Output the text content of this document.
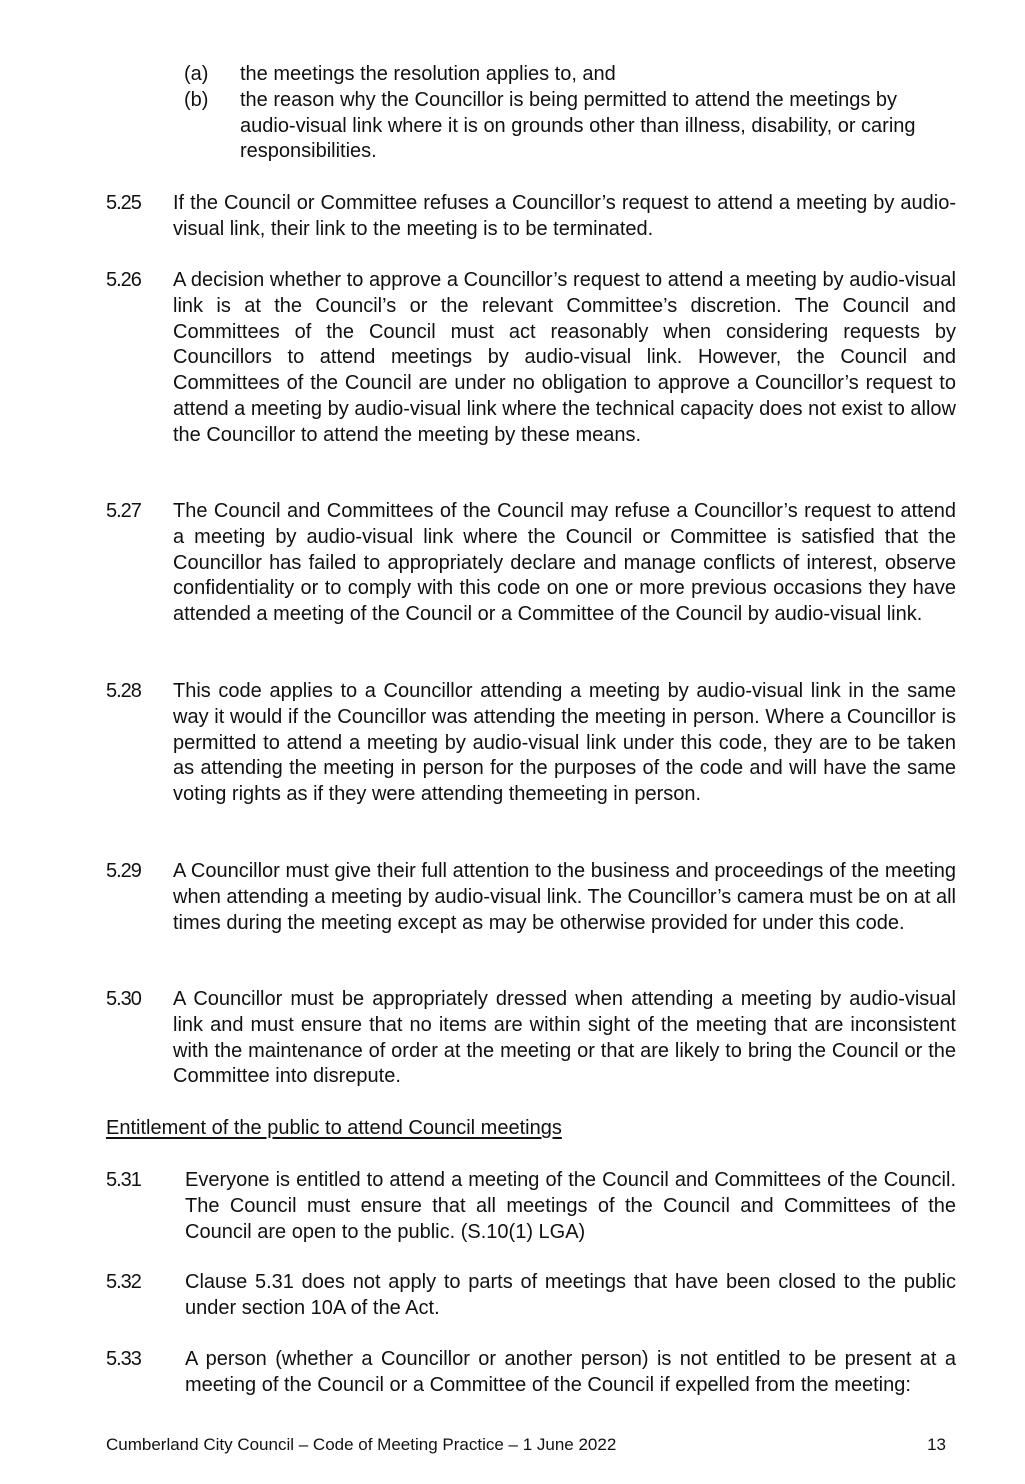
(a)	the meetings the resolution applies to, and
(b)	the reason why the Councillor is being permitted to attend the meetings by audio-visual link where it is on grounds other than illness, disability, or caring responsibilities.
5.25	If the Council or Committee refuses a Councillor’s request to attend a meeting by audio-visual link, their link to the meeting is to be terminated.
5.26	A decision whether to approve a Councillor’s request to attend a meeting by audio-visual link is at the Council’s or the relevant Committee’s discretion. The Council and Committees of the Council must act reasonably when considering requests by Councillors to attend meetings by audio-visual link. However, the Council and Committees of the Council are under no obligation to approve a Councillor’s request to attend a meeting by audio-visual link where the technical capacity does not exist to allow the Councillor to attend the meeting by these means.
5.27	The Council and Committees of the Council may refuse a Councillor’s request to attend a meeting by audio-visual link where the Council or Committee is satisfied that the Councillor has failed to appropriately declare and manage conflicts of interest, observe confidentiality or to comply with this code on one or more previous occasions they have attended a meeting of the Council or a Committee of the Council by audio-visual link.
5.28	This code applies to a Councillor attending a meeting by audio-visual link in the same way it would if the Councillor was attending the meeting in person. Where a Councillor is permitted to attend a meeting by audio-visual link under this code, they are to be taken as attending the meeting in person for the purposes of the code and will have the same voting rights as if they were attending themeeting in person.
5.29	A Councillor must give their full attention to the business and proceedings of the meeting when attending a meeting by audio-visual link. The Councillor’s camera must be on at all times during the meeting except as may be otherwise provided for under this code.
5.30	A Councillor must be appropriately dressed when attending a meeting by audio-visual link and must ensure that no items are within sight of the meeting that are inconsistent with the maintenance of order at the meeting or that are likely to bring the Council or the Committee into disrepute.
Entitlement of the public to attend Council meetings
5.31	Everyone is entitled to attend a meeting of the Council and Committees of the Council. The Council must ensure that all meetings of the Council and Committees of the Council are open to the public. (S.10(1) LGA)
5.32	Clause 5.31 does not apply to parts of meetings that have been closed to the public under section 10A of the Act.
5.33	A person (whether a Councillor or another person) is not entitled to be present at a meeting of the Council or a Committee of the Council if expelled from the meeting:
Cumberland City Council – Code of Meeting Practice – 1 June 2022	13
